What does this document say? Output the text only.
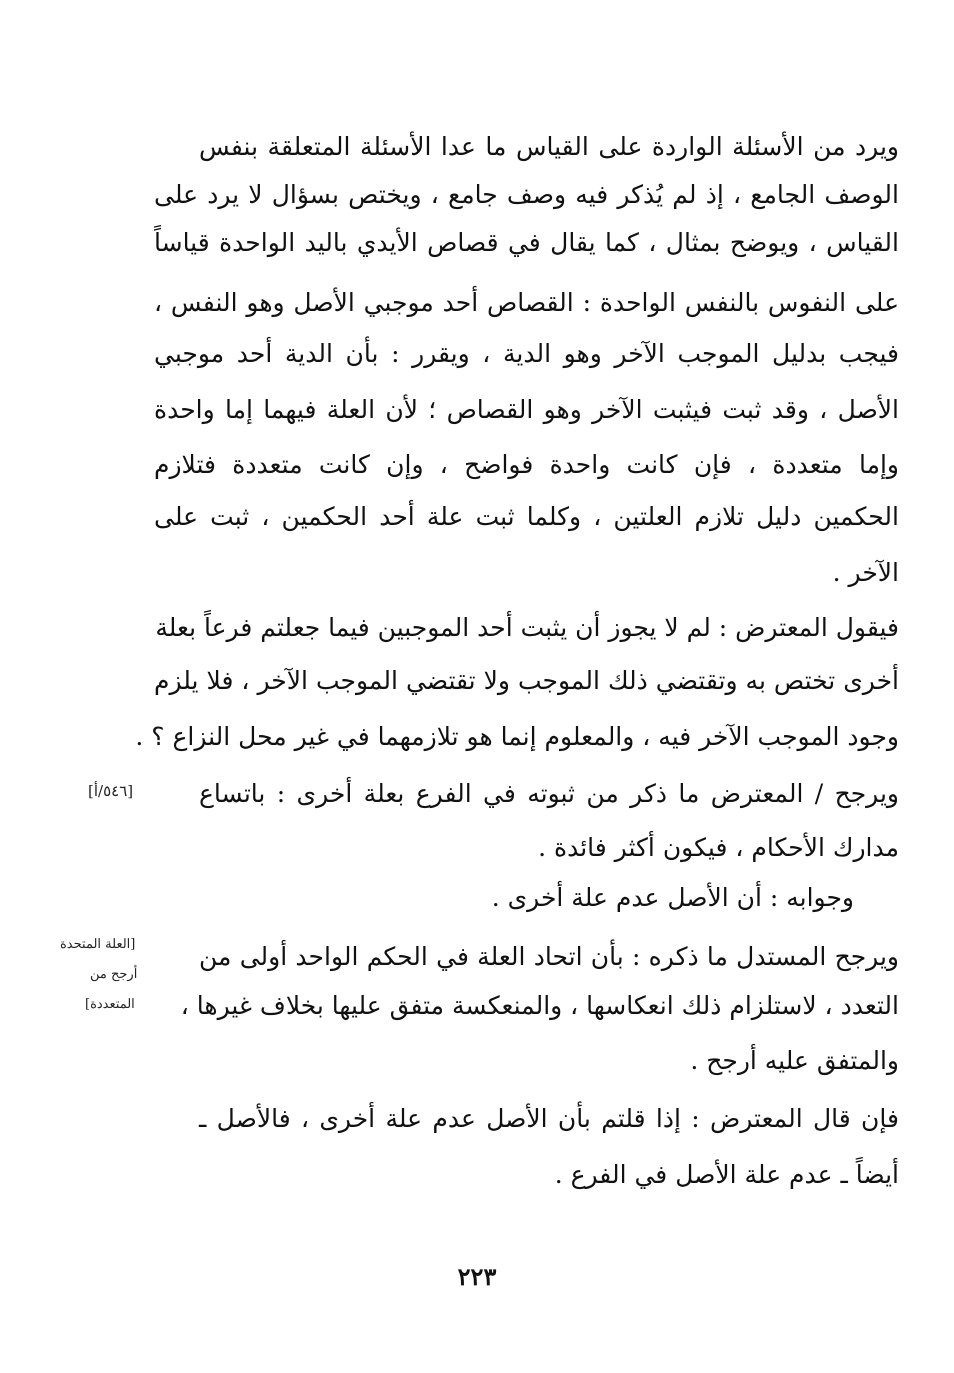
ويرد من الأسئلة الواردة على القياس ما عدا الأسئلة المتعلقة بنفس
الوصف الجامع ، إذ لم يُذكر فيه وصف جامع ، ويختص بسؤال لا يرد على
القياس ، ويوضح بمثال ، كما يقال في قصاص الأيدي باليد الواحدة قياساً
على النفوس بالنفس الواحدة : القصاص أحد موجبي الأصل وهو النفس ،
فيجب بدليل الموجب الآخر وهو الدية ، ويقرر : بأن الدية أحد موجبي
الأصل ، وقد ثبت فيثبت الآخر وهو القصاص ؛ لأن العلة فيهما إما واحدة
وإما متعددة ، فإن كانت واحدة فواضح ، وإن كانت متعددة فتلازم
الحكمين دليل تلازم العلتين ، وكلما ثبت علة أحد الحكمين ، ثبت على
الآخر .
فيقول المعترض : لم لا يجوز أن يثبت أحد الموجبين فيما جعلتم فرعاً بعلة
أخرى تختص به وتقتضي ذلك الموجب ولا تقتضي الموجب الآخر ، فلا يلزم
وجود الموجب الآخر فيه ، والمعلوم إنما هو تلازمهما في غير محل النزاع ؟ .
ويرجح / المعترض ما ذكر من ثبوته في الفرع بعلة أخرى : باتساع
[٥٤٦/أ]
مدارك الأحكام ، فيكون أكثر فائدة .
وجوابه : أن الأصل عدم علة أخرى .
ويرجح المستدل ما ذكره : بأن اتحاد العلة في الحكم الواحد أولى من
[العلة المتحدة
أرجح من
المتعددة] التعدد ، لاستلزام ذلك انعكاسها ، والمنعكسة متفق عليها بخلاف غيرها ،
والمتفق عليه أرجح .
فإن قال المعترض : إذا قلتم بأن الأصل عدم علة أخرى ، فالأصل ـ
أيضاً ـ عدم علة الأصل في الفرع .
٢٢٣
